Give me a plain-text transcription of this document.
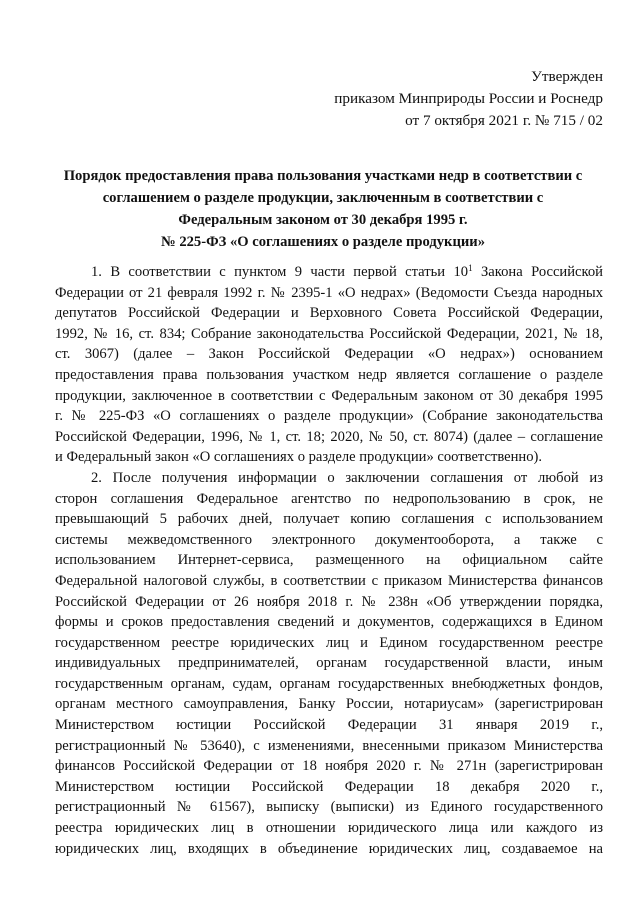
Утвержден
приказом Минприроды России и Роснедр
от 7 октября 2021 г. № 715 / 02
Порядок предоставления права пользования участками недр в соответствии с
соглашением о разделе продукции, заключенным в соответствии с
Федеральным законом от 30 декабря 1995 г.
№ 225-ФЗ «О соглашениях о разделе продукции»
1. В соответствии с пунктом 9 части первой статьи $10^1$ Закона Российской
Федерации от 21 февраля 1992 г. № 2395-1 «О недрах» (Ведомости Съезда народных
депутатов Российской Федерации и Верховного Совета Российской Федерации,
1992, № 16, ст. 834; Собрание законодательства Российской Федерации, 2021, № 18,
ст. 3067) (далее – Закон Российской Федерации «О недрах») основанием
предоставления права пользования участком недр является соглашение о разделе
продукции, заключенное в соответствии с Федеральным законом от 30 декабря 1995
г. № 225-ФЗ «О соглашениях о разделе продукции» (Собрание законодательства
Российской Федерации, 1996, № 1, ст. 18; 2020, № 50, ст. 8074) (далее – соглашение
и Федеральный закон «О соглашениях о разделе продукции» соответственно).
2. После получения информации о заключении соглашения от любой из
сторон соглашения Федеральное агентство по недропользованию в срок, не
превышающий 5 рабочих дней, получает копию соглашения с использованием
системы межведомственного электронного документооборота, а также с
использованием Интернет-сервиса, размещенного на официальном сайте
Федеральной налоговой службы, в соответствии с приказом Министерства финансов
Российской Федерации от 26 ноября 2018 г. № 238н «Об утверждении порядка,
формы и сроков предоставления сведений и документов, содержащихся в Едином
государственном реестре юридических лиц и Едином государственном реестре
индивидуальных предпринимателей, органам государственной власти, иным
государственным органам, судам, органам государственных внебюджетных фондов,
органам местного самоуправления, Банку России, нотариусам» (зарегистрирован
Министерством юстиции Российской Федерации 31 января 2019 г.,
регистрационный № 53640), с изменениями, внесенными приказом Министерства
финансов Российской Федерации от 18 ноября 2020 г. № 271н (зарегистрирован
Министерством юстиции Российской Федерации 18 декабря 2020 г.,
регистрационный № 61567), выписку (выписки) из Единого государственного
реестра юридических лиц в отношении юридического лица или каждого из
юридических лиц, входящих в объединение юридических лиц, создаваемое на
